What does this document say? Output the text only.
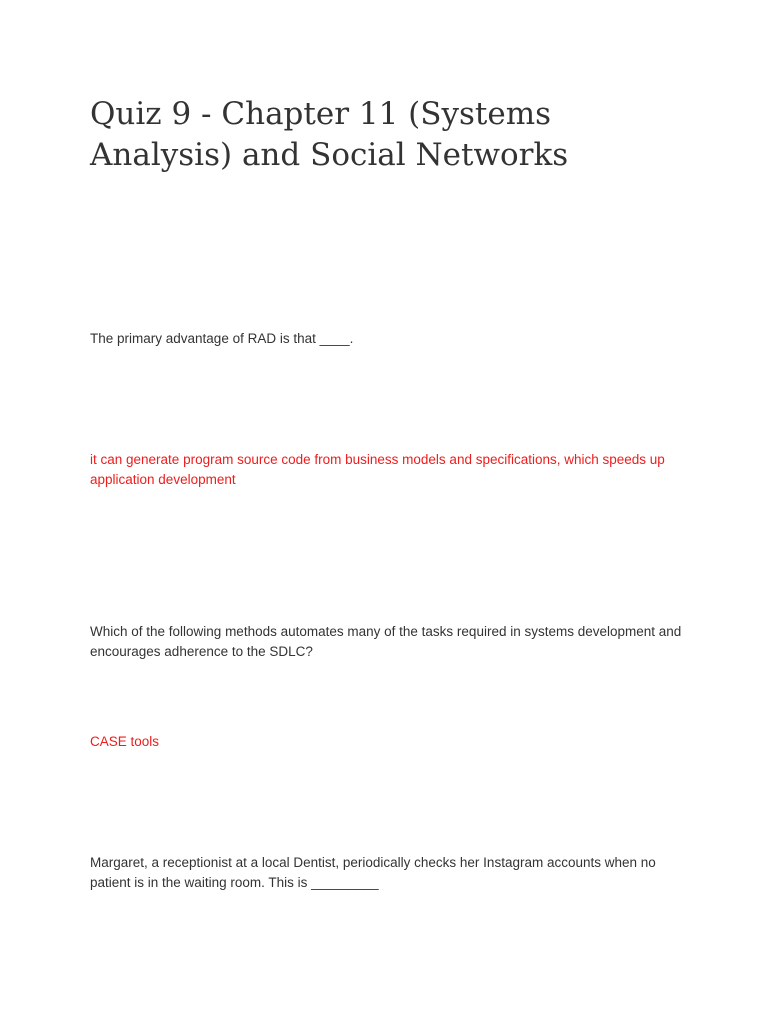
Quiz 9 - Chapter 11 (Systems Analysis) and Social Networks

The primary advantage of RAD is that ____.

it can generate program source code from business models and specifications, which speeds up application development

Which of the following methods automates many of the tasks required in systems development and encourages adherence to the SDLC?

CASE tools

Margaret, a receptionist at a local Dentist, periodically checks her Instagram accounts when no patient is in the waiting room. This is _________
